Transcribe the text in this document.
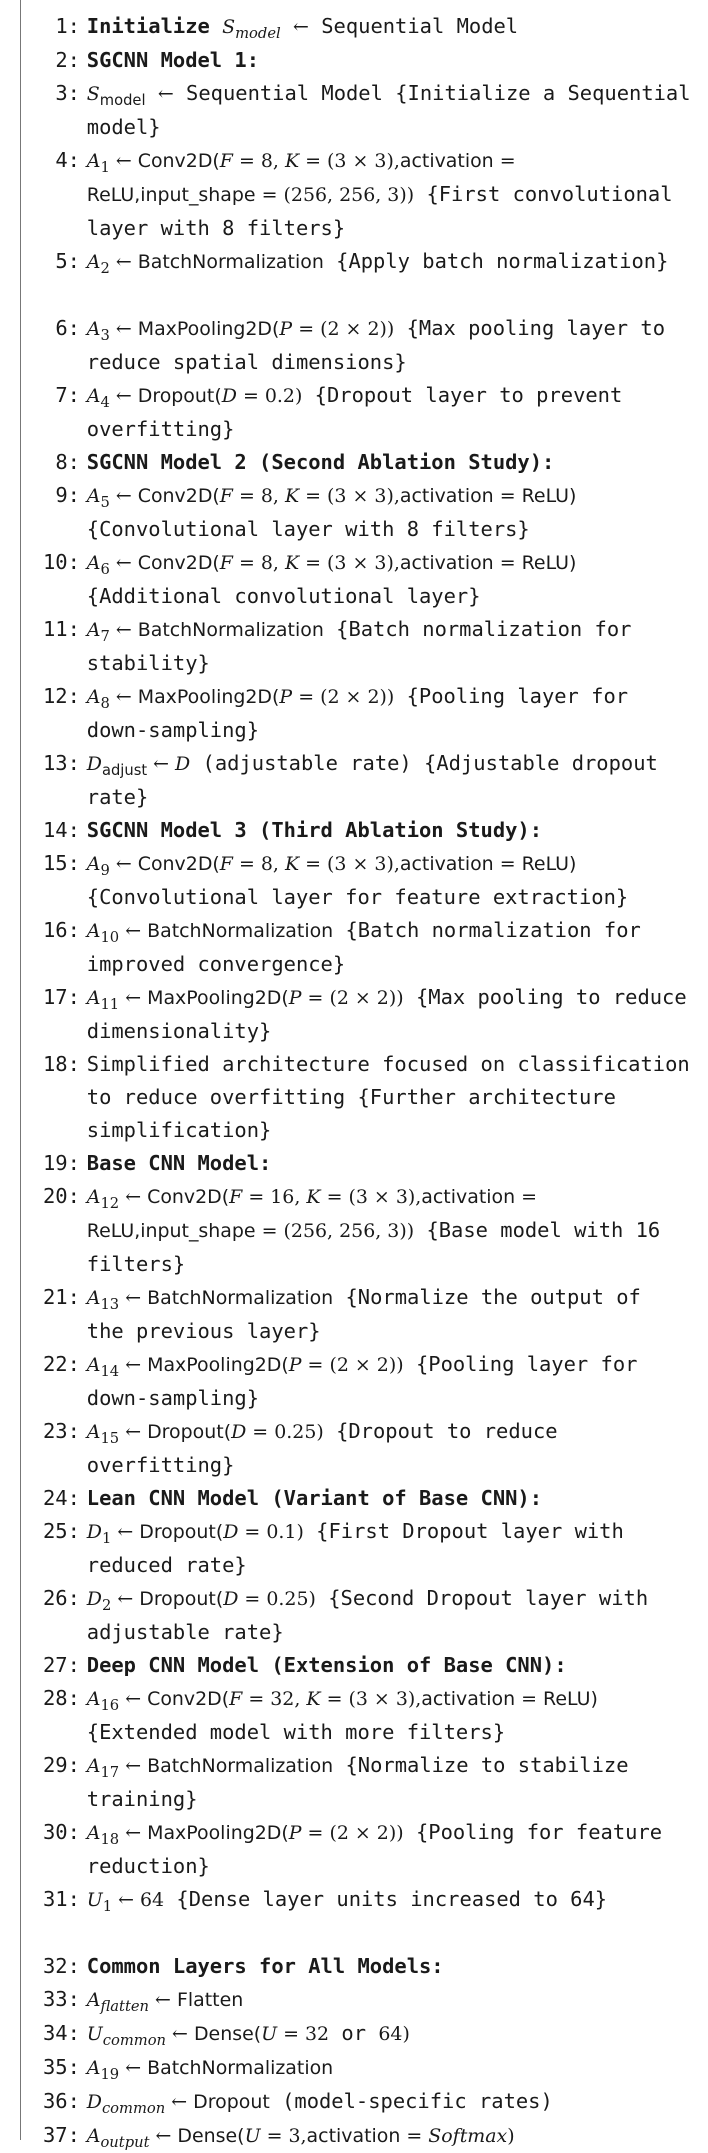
1: Initialize $S_{model}$ ← Sequential Model
2: SGCNN Model 1:
3: $S_{model}$ ← Sequential Model {Initialize a Sequential
model}
4: $A_1$ ← Conv2D(F = 8, K = (3 × 3),activation =
ReLU,input_shape = (256, 256, 3)) {First convolutional
layer with 8 filters}
5: $A_2$ ← BatchNormalization {Apply batch normalization}
6: $A_3$ ← MaxPooling2D(P = (2 × 2)) {Max pooling layer to
reduce spatial dimensions}
7: $A_4$ ← Dropout(D = 0.2) {Dropout layer to prevent
overfitting}
8: SGCNN Model 2 (Second Ablation Study):
9: $A_5$ ← Conv2D(F = 8, K = (3 × 3),activation = ReLU)
{Convolutional layer with 8 filters}
10: $A_6$ ← Conv2D(F = 8, K = (3 × 3),activation = ReLU)
{Additional convolutional layer}
11: $A_7$ ← BatchNormalization {Batch normalization for
stability}
12: $A_8$ ← MaxPooling2D(P = (2 × 2)) {Pooling layer for
down-sampling}
13: $D_{adjust}$ ← D (adjustable rate) {Adjustable dropout
rate}
14: SGCNN Model 3 (Third Ablation Study):
15: $A_9$ ← Conv2D(F = 8, K = (3 × 3),activation = ReLU)
{Convolutional layer for feature extraction}
16: $A_{10}$ ← BatchNormalization {Batch normalization for
improved convergence}
17: $A_{11}$ ← MaxPooling2D(P = (2 × 2)) {Max pooling to reduce
dimensionality}
18: Simplified architecture focused on classification
to reduce overfitting {Further architecture
simplification}
19: Base CNN Model:
20: $A_{12}$ ← Conv2D(F = 16, K = (3 × 3),activation =
ReLU,input_shape = (256, 256, 3)) {Base model with 16
filters}
21: $A_{13}$ ← BatchNormalization {Normalize the output of
the previous layer}
22: $A_{14}$ ← MaxPooling2D(P = (2 × 2)) {Pooling layer for
down-sampling}
23: $A_{15}$ ← Dropout(D = 0.25) {Dropout to reduce
overfitting}
24: Lean CNN Model (Variant of Base CNN):
25: $D_1$ ← Dropout(D = 0.1) {First Dropout layer with
reduced rate}
26: $D_2$ ← Dropout(D = 0.25) {Second Dropout layer with
adjustable rate}
27: Deep CNN Model (Extension of Base CNN):
28: $A_{16}$ ← Conv2D(F = 32, K = (3 × 3),activation = ReLU)
{Extended model with more filters}
29: $A_{17}$ ← BatchNormalization {Normalize to stabilize
training}
30: $A_{18}$ ← MaxPooling2D(P = (2 × 2)) {Pooling for feature
reduction}
31: $U_1$ ← 64 {Dense layer units increased to 64}
32: Common Layers for All Models:
33: $A_{flatten}$ ← Flatten
34: $U_{common}$ ← Dense(U = 32 or 64)
35: $A_{19}$ ← BatchNormalization
36: $D_{common}$ ← Dropout (model-specific rates)
37: $A_{output}$ ← Dense(U = 3,activation = Softmax)
